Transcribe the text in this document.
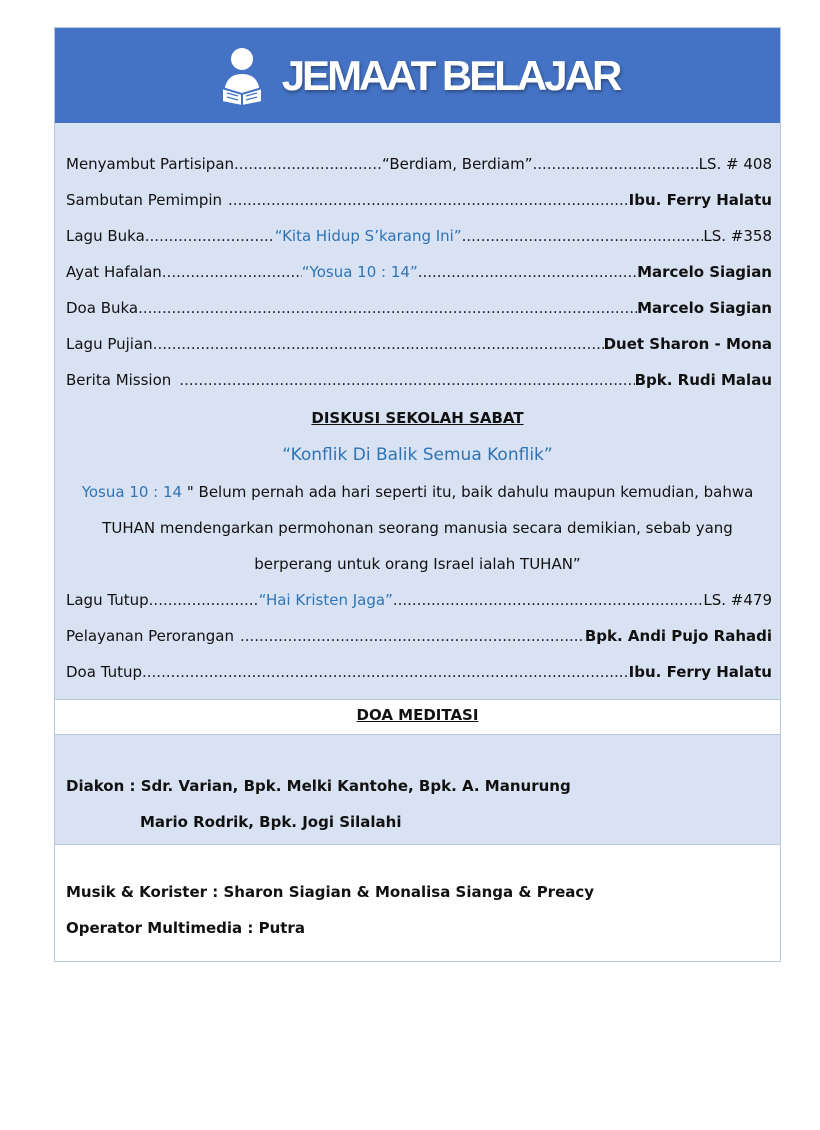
JEMAAT BELAJAR
Menyambut Partisipan .....	“Berdiam, Berdiam” .....	LS. # 408
Sambutan Pemimpin .....	Ibu. Ferry Halatu
Lagu Buka .....	“Kita Hidup S’karang Ini” .....	LS. #358
Ayat Hafalan .....	“Yosua 10 : 14” .....	Marcelo Siagian
Doa Buka .....	Marcelo Siagian
Lagu Pujian .....	Duet Sharon - Mona
Berita Mission .....	Bpk. Rudi Malau
DISKUSI SEKOLAH SABAT
“Konflik Di Balik Semua Konflik”
Yosua 10 : 14 " Belum pernah ada hari seperti itu, baik dahulu maupun kemudian, bahwa
TUHAN mendengarkan permohonan seorang manusia secara demikian, sebab yang
berperang untuk orang Israel ialah TUHAN”
Lagu Tutup .....	“Hai Kristen Jaga” .....	LS. #479
Pelayanan Perorangan .....	Bpk. Andi Pujo Rahadi
Doa Tutup .....	Ibu. Ferry Halatu
DOA MEDITASI
Diakon : Sdr. Varian, Bpk. Melki Kantohe, Bpk. A. Manurung
Mario Rodrik, Bpk. Jogi Silalahi
Musik & Korister : Sharon Siagian & Monalisa Sianga & Preacy
Operator Multimedia : Putra
